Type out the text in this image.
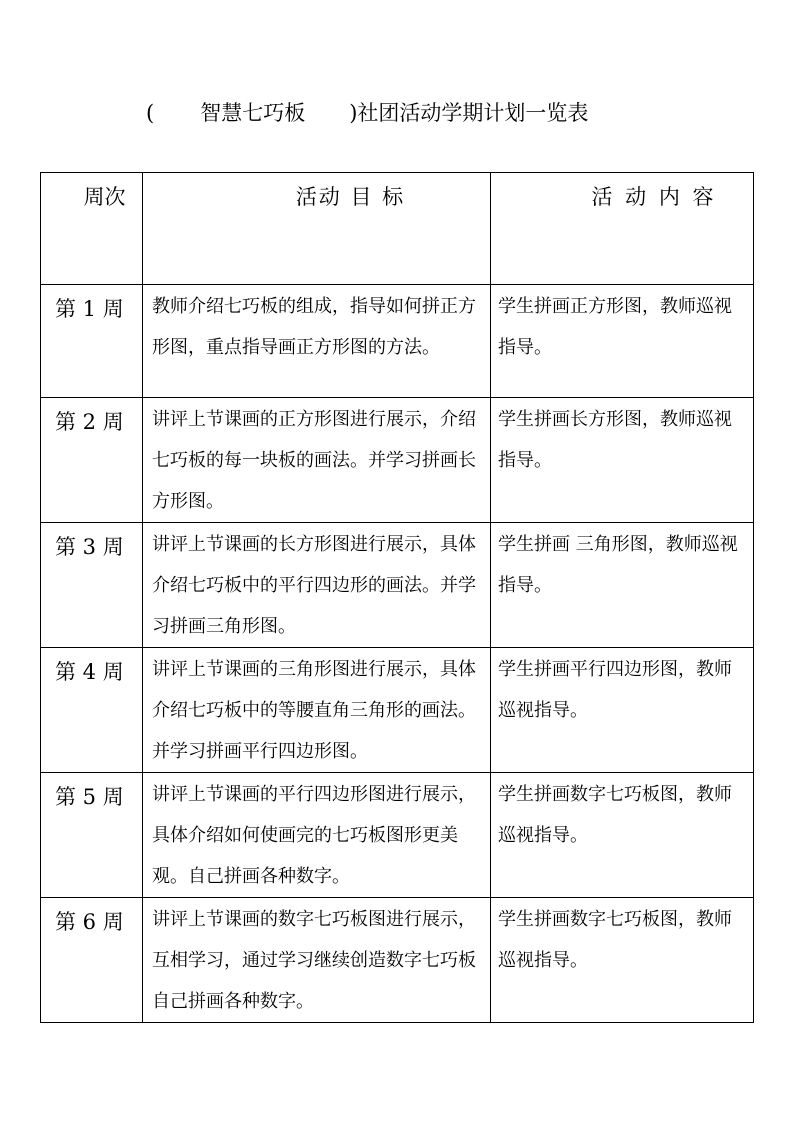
( 智慧七巧板 )社团活动学期计划一览表
周次	活动 目 标	活 动 内 容

第 1 周	教师介绍七巧板的组成，指导如何拼正方形图，重点指导画正方形图的方法。	学生拼画正方形图，教师巡视指导。

第 2 周	讲评上节课画的正方形图进行展示，介绍七巧板的每一块板的画法。并学习拼画长方形图。	学生拼画长方形图，教师巡视指导。

第 3 周	讲评上节课画的长方形图进行展示，具体介绍七巧板中的平行四边形的画法。并学习拼画三角形图。	学生拼画 三角形图，教师巡视指导。

第 4 周	讲评上节课画的三角形图进行展示，具体介绍七巧板中的等腰直角三角形的画法。并学习拼画平行四边形图。	学生拼画平行四边形图，教师巡视指导。

第 5 周	讲评上节课画的平行四边形图进行展示，具体介绍如何使画完的七巧板图形更美观。自己拼画各种数字。	学生拼画数字七巧板图，教师巡视指导。

第 6 周	讲评上节课画的数字七巧板图进行展示，互相学习，通过学习继续创造数字七巧板自己拼画各种数字。	学生拼画数字七巧板图，教师巡视指导。
